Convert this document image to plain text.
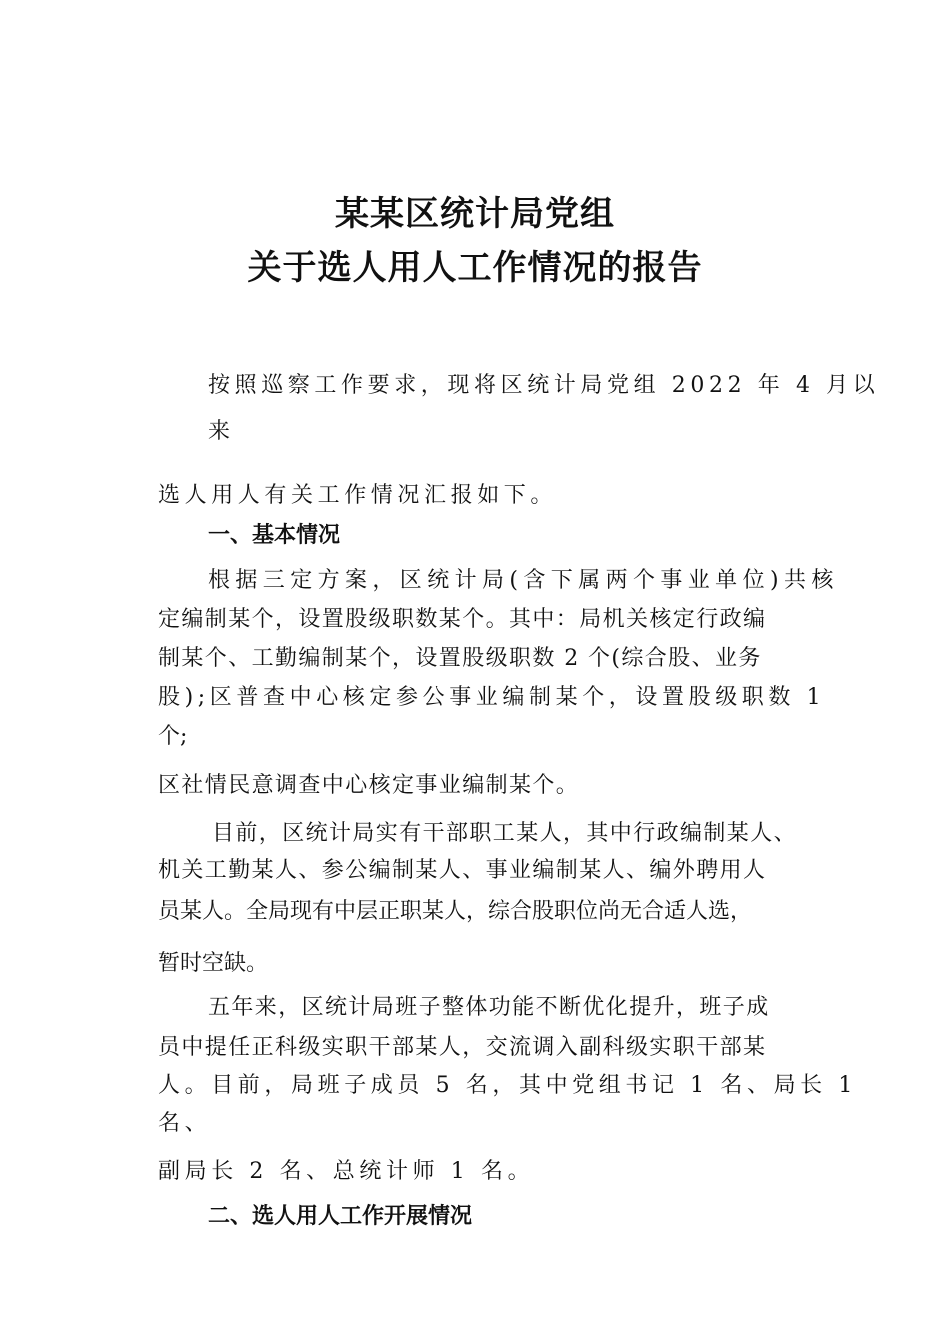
某某区统计局党组
关于选人用人工作情况的报告
按照巡察工作要求，现将区统计局党组 2022 年 4 月以
来
选人用人有关工作情况汇报如下。
一、基本情况
根据三定方案，区统计局(含下属两个事业单位)共核
定编制某个，设置股级职数某个。其中：局机关核定行政编
制某个、工勤编制某个，设置股级职数 2 个(综合股、业务
股);区普查中心核定参公事业编制某个，设置股级职数 1
个;
区社情民意调查中心核定事业编制某个。
目前，区统计局实有干部职工某人，其中行政编制某人、
机关工勤某人、参公编制某人、事业编制某人、编外聘用人
员某人。全局现有中层正职某人，综合股职位尚无合适人选，
暂时空缺。
五年来，区统计局班子整体功能不断优化提升，班子成
员中提任正科级实职干部某人，交流调入副科级实职干部某
人。目前，局班子成员 5 名，其中党组书记 1 名、局长 1
名、
副局长 2 名、总统计师 1 名。
二、选人用人工作开展情况
